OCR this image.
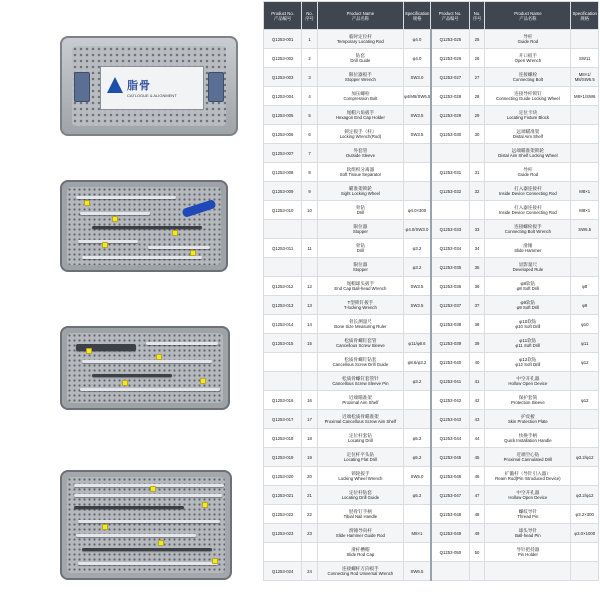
脂骨
CATLOGUE & ALIGNMENT
Product No.
产品编号	No.
序号	Product Name
产品名称	Specification
规格	Product No.
产品编号	No.
序号	Product Name
产品名称	Specification
规格

Q1253-001	1	临时定位杆
Temporary Locating Rod	φ4.0	Q1253-025	25	导杆
Guide Rod	

Q1253-002	2	钻套
Drill Guide	φ4.0	Q1253-026	26	开口扳手
Open Wrench	SW11
Q1253-003	3	限位器扳手
Stopper Wrench	SW3.0	Q1253-027	27	连接螺栓
Connecting Bolt	M8×1/ M8/SW6.5
Q1253-004	4	加压螺栓
Compression Bolt	φ4/M6/SW6.5	Q1253-028	28	连接导杆锁钉
Connecting Guide Locking Wheel	M8×1/SW6
Q1253-005	5	尾帽六角扳手
Hexagon End Cap Holder	SW3.5	Q1253-029	29	定位卡块
Locating Fixture Block	

Q1253-006	6	锁定扳手（杆）
Locking Wrench(Rod)	SW3.5	Q1253-030	30	远端瞄准架
Distal Aim Shelf	

Q1253-007	7	外套管
Outside Sleeve				远端瞄准架锁轮
Distal Aim Shelf Locking Wheel	

Q1253-008	8	软组织分离器
Soft Tissue Separator		Q1253-031	31	导杆
Guide Rod	

Q1253-009	9	瞄准架锁轮
Sight Locking Wheel		Q1253-032	32	打入器连接杆
Inside Device Connecting Rod	M8×1
Q1253-010	10	骨钻
Drill	φ4.0×300			打入器连接杆
Inside Device Connecting Rod	M8×1

		限位器
Stopper	φ4.0/SW3.0	Q1253-033	33	连接螺栓扳手
Connecting Bolt Wrench	SW6.5
Q1253-011	11	骨钻
Drill	φ3.2	Q1253-034	34	滑锤
Slide Hammer	

		限位器
Stopper	φ3.2	Q1253-035	35	显影量尺
Developed Rule	

Q1253-012	12	尾帽球头扳手
End Cap Ball-head Wrench	SW3.5	Q1253-036	36	φ8软钻
φ8 Soft Drill	φ8
Q1253-013	13	T型锁钉扳手
T-locking Wrench	SW3.5	Q1253-037	37	φ9软钻
φ9 Soft Drill	φ9
Q1253-014	14	骨长测量尺
Bone Size Measuring Ruler		Q1253-038	38	φ10软钻
φ10 Soft Drill	φ10
Q1253-015	15	松质骨螺钉套管
Cancellous Screw Sleeve	φ11/φ8.6	Q1253-039	39	φ11软钻
φ11 Soft Drill	φ11

		松质骨螺钉钻套
Cancellous Screw Drill Guide	φ8.6/φ3.2	Q1253-040	40	φ12软钻
φ12 Soft Drill	φ12

		松质骨螺钉套管针
Cancellous Screw Sleeve Pin	φ3.2	Q1253-041	41	中空开孔器
Hollow Open Device	

Q1253-016	16	近端瞄准架
Proximal Aim Shelf		Q1253-042	42	保护套筒
Protection Sleeve	φ12
Q1253-017	17	近端松质骨瞄准架
Proximal Cancellous Screw Aim Shelf		Q1253-043	43	护皮板
Skin Protection Plate	

Q1253-018	18	定位杆套钻
Locating Drill	φ5.2	Q1253-044	44	快换手柄
Quick Installation Handle	

Q1253-019	19	定位杆平头钻
Locating Flat Drill	φ5.2	Q1253-045	45	近端空心钻
Proximal Cannulated Drill	φ3.2/φ12
Q1253-020	20	锁轮扳手
Locking Wheel Wrench	SW5.0	Q1253-046	46	扩髓杆（导针引入器）
Ream Rod(Pin Introduced Device)	

Q1253-021	21	定位杆钻套
Locating Drill Guide	φ5.2	Q1253-047	47	中空开孔器
Hollow Open Device	φ3.2/φ12
Q1253-022	22	胫骨钉手柄
Tibial Nail Handle		Q1253-048	48	螺纹导针
Thread Pin	φ3.2×300
Q1253-023	23	滑锤导向杆
Slide Hammer Guide Rod	M8×1	Q1253-049	49	球头导针
Ball-head Pin	φ3.0×1000

		滑杆槽帽
Slide Rod Cap		Q1253-050	50	导针把持器
Pin Holder	

Q1253-024	24	连接螺杆万向扳手
Connecting Rod Universal Wrench	SW6.5			
